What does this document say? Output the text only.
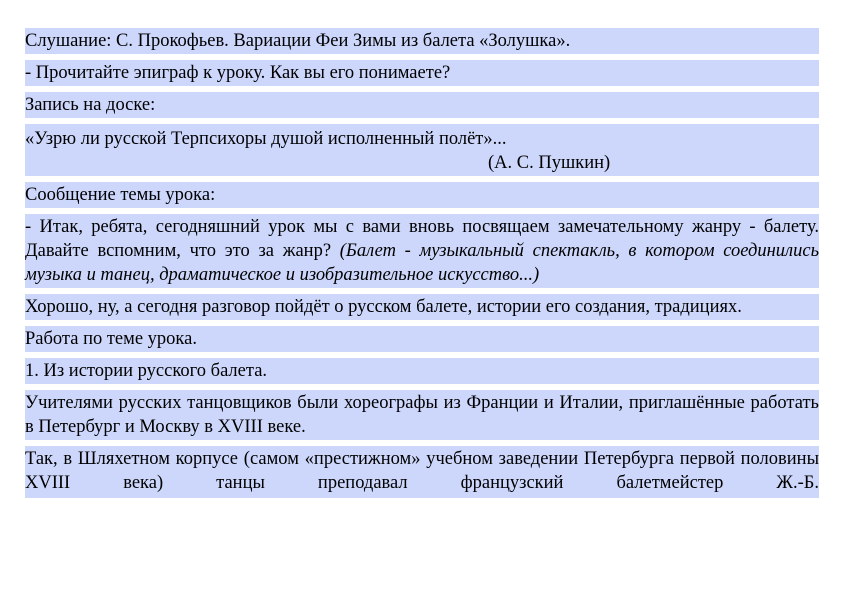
Слушание: С. Прокофьев. Вариации Феи Зимы из балета «Золушка».
- Прочитайте эпиграф к уроку. Как вы его понимаете?
Запись на доске:
«Узрю ли русской Терпсихоры душой исполненный полёт»...
(А. С. Пушкин)
Сообщение темы урока:
- Итак, ребята, сегодняшний урок мы с вами вновь посвящаем замечательному жанру - балету. Давайте вспомним, что это за жанр? (Балет - музыкальный спектакль, в котором соединились музыка и танец, драматическое и изобразительное искусство...)
Хорошо, ну, а сегодня разговор пойдёт о русском балете, истории его создания, традициях.
Работа по теме урока.
1. Из истории русского балета.
Учителями русских танцовщиков были хореографы из Франции и Италии, приглашённые работать в Петербург и Москву в XVIII веке.
Так, в Шляхетном корпусе (самом «престижном» учебном заведении Петербурга первой половины XVIII века) танцы преподавал французский балетмейстер Ж.-Б.
